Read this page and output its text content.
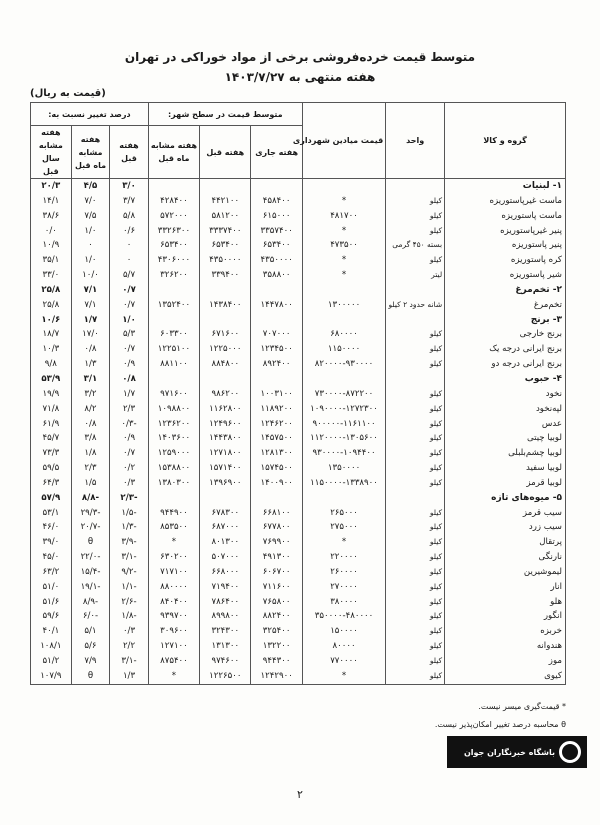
متوسط قیمت خرده‌فروشی برخی از مواد خوراکی در تهران
هفته منتهی به ۱۴۰۳/۷/۲۷
(قیمت به ریال)
گروه و کالا	واحد	قیمت میادین شهرداری	متوسط قیمت در سطح شهر:			درصد تغییر نسبت به:		
			هفته جاری	هفته قبل	هفته مشابه ماه قبل	هفته قبل	هفته مشابه ماه قبل	هفته مشابه سال قبل
۱- لبنیات						۳/۰	۴/۵	۲۰/۳
ماست غیرپاستوریزه	کیلو	*	۴۵۸۴۰۰	۴۴۲۱۰۰	۴۲۸۴۰۰	۳/۷	۷/۰	۱۴/۱
ماست پاستوریزه	کیلو	۴۸۱۷۰۰	۶۱۵۰۰۰	۵۸۱۲۰۰	۵۷۲۰۰۰	۵/۸	۷/۵	۳۸/۶
پنیر غیرپاستوریزه	کیلو	*	۳۳۵۷۴۰۰	۳۳۳۷۴۰۰	۳۳۲۶۳۰۰	۰/۶	۱/۰	۰/۰
پنیر پاستوریزه	بسته ۴۵۰ گرمی	۴۷۳۵۰۰	۶۵۳۴۰۰	۶۵۳۴۰۰	۶۵۳۴۰۰	۰	۰	۱۰/۹
کره پاستوریزه	کیلو	*	۴۳۵۰۰۰۰	۴۳۵۰۰۰۰	۴۳۰۶۰۰۰	۰	۱/۰	۳۵/۱
شیر پاستوریزه	لیتر	*	۳۵۸۸۰۰	۳۳۹۴۰۰	۳۲۶۲۰۰	۵/۷	۱۰/۰	۳۳/۰
۲- تخم‌مرغ						۰/۷	۷/۱	۲۵/۸
تخم‌مرغ	شانه حدود ۲ کیلو	۱۳۰۰۰۰۰	۱۴۴۷۸۰۰	۱۴۳۸۴۰۰	۱۳۵۲۴۰۰	۰/۷	۷/۱	۲۵/۸
۳- برنج						۱/۰	۱/۷	۱۰/۶
برنج خارجی	کیلو	۶۸۰۰۰۰	۷۰۷۰۰۰	۶۷۱۶۰۰	۶۰۳۳۰۰	۵/۳	۱۷/۰	۱۸/۷
برنج ایرانی درجه یک	کیلو	۱۱۵۰۰۰۰	۱۲۳۴۵۰۰	۱۲۲۵۰۰۰	۱۲۲۵۱۰۰	۰/۷	۰/۸	۱۰/۳
برنج ایرانی درجه دو	کیلو	۸۲۰۰۰۰-۹۳۰۰۰۰	۸۹۲۴۰۰	۸۸۴۸۰۰	۸۸۱۱۰۰	۰/۹	۱/۳	۹/۸
۴- حبوب						۰/۸	۳/۱	۵۳/۹
نخود	کیلو	۷۳۰۰۰۰-۸۷۲۲۰۰	۱۰۰۳۱۰۰	۹۸۶۲۰۰	۹۷۱۶۰۰	۱/۷	۳/۲	۱۹/۹
لپه‌نخود	کیلو	۱۰۹۰۰۰۰-۱۲۷۲۳۰۰	۱۱۸۹۲۰۰	۱۱۶۲۸۰۰	۱۰۹۸۸۰۰	۲/۳	۸/۲	۷۱/۸
عدس	کیلو	۹۰۰۰۰۰-۱۱۶۱۱۰۰	۱۲۴۶۲۰۰	۱۲۴۹۶۰۰	۱۲۳۶۲۰۰	-۰/۳	۰/۸	۶۱/۹
لوبیا چیتی	کیلو	۱۱۲۰۰۰۰-۱۳۰۵۶۰۰	۱۴۵۷۵۰۰	۱۴۴۳۸۰۰	۱۴۰۳۶۰۰	۰/۹	۳/۸	۴۵/۷
لوبیا چشم‌بلبلی	کیلو	۹۳۰۰۰۰-۱۰۹۴۴۰۰	۱۲۸۱۳۰۰	۱۲۷۱۸۰۰	۱۲۵۹۰۰۰	۰/۷	۱/۸	۷۳/۳
لوبیا سفید	کیلو	۱۳۵۰۰۰۰	۱۵۷۴۵۰۰	۱۵۷۱۴۰۰	۱۵۳۸۸۰۰	۰/۲	۲/۳	۵۹/۵
لوبیا قرمز	کیلو	۱۱۵۰۰۰۰-۱۳۳۸۹۰۰	۱۴۰۰۹۰۰	۱۳۹۶۹۰۰	۱۳۸۰۳۰۰	۰/۳	۱/۵	۶۴/۳
۵- میوه‌های تازه						-۲/۳	-۸/۸	۵۷/۹
سیب قرمز	کیلو	۲۶۵۰۰۰	۶۶۸۱۰۰	۶۷۸۳۰۰	۹۴۴۹۰۰	-۱/۵	-۲۹/۳	۵۳/۱
سیب زرد	کیلو	۲۷۵۰۰۰	۶۷۷۸۰۰	۶۸۷۰۰۰	۸۵۳۵۰۰	-۱/۳	-۲۰/۷	۴۶/۰
پرتقال	کیلو	*	۷۶۹۹۰۰	۸۰۱۳۰۰	*	-۳/۹	θ	۳۹/۰
نارنگی	کیلو	۲۲۰۰۰۰	۴۹۱۳۰۰	۵۰۷۰۰۰	۶۳۰۲۰۰	-۳/۱	-۲۲/۰	۴۵/۰
لیموشیرین	کیلو	۲۶۰۰۰۰	۶۰۶۷۰۰	۶۶۸۰۰۰	۷۱۷۱۰۰	-۹/۲	-۱۵/۴	۶۳/۲
انار	کیلو	۲۷۰۰۰۰	۷۱۱۶۰۰	۷۱۹۴۰۰	۸۸۰۰۰۰	-۱/۱	-۱۹/۱	۵۱/۰
هلو	کیلو	۳۸۰۰۰۰	۷۶۵۸۰۰	۷۸۶۴۰۰	۸۴۰۴۰۰	-۲/۶	-۸/۹	۵۱/۶
انگور	کیلو	۳۵۰۰۰۰-۴۸۰۰۰۰	۸۸۲۴۰۰	۸۹۹۸۰۰	۹۳۹۷۰۰	-۱/۸	-۶/۰	۵۹/۶
خربزه	کیلو	۱۵۰۰۰۰	۳۲۵۴۰۰	۳۲۴۳۰۰	۳۰۹۶۰۰	۰/۳	۵/۱	۴۰/۱
هندوانه	کیلو	۸۰۰۰۰	۱۳۲۲۰۰	۱۳۱۳۰۰	۱۲۷۱۰۰	۲/۲	۵/۶	۱۰۸/۱
موز	کیلو	۷۷۰۰۰۰	۹۴۴۳۰۰	۹۷۴۶۰۰	۸۷۵۴۰۰	-۳/۱	۷/۹	۵۱/۲
کیوی	کیلو	*	۱۲۴۲۹۰۰	۱۲۲۶۵۰۰	*	۱/۳	θ	۱۰۷/۹
* قیمت‌گیری میسر نیست.
θ محاسبه درصد تغییر امکان‌پذیر نیست.
باشگاه خبرنگاران جوان
۲
